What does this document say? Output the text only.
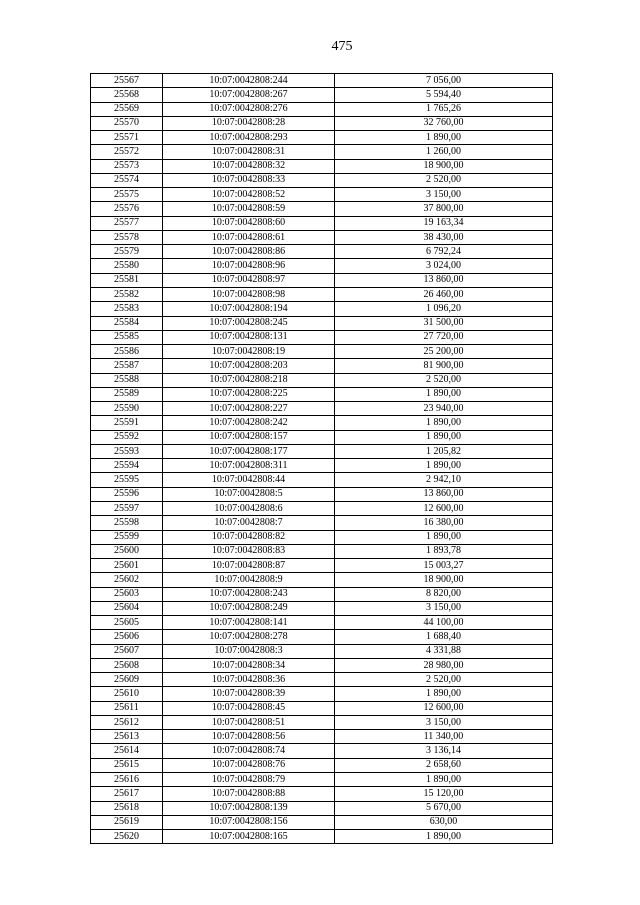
475
25567	10:07:0042808:244	7 056,00
25568	10:07:0042808:267	5 594,40
25569	10:07:0042808:276	1 765,26
25570	10:07:0042808:28	32 760,00
25571	10:07:0042808:293	1 890,00
25572	10:07:0042808:31	1 260,00
25573	10:07:0042808:32	18 900,00
25574	10:07:0042808:33	2 520,00
25575	10:07:0042808:52	3 150,00
25576	10:07:0042808:59	37 800,00
25577	10:07:0042808:60	19 163,34
25578	10:07:0042808:61	38 430,00
25579	10:07:0042808:86	6 792,24
25580	10:07:0042808:96	3 024,00
25581	10:07:0042808:97	13 860,00
25582	10:07:0042808:98	26 460,00
25583	10:07:0042808:194	1 096,20
25584	10:07:0042808:245	31 500,00
25585	10:07:0042808:131	27 720,00
25586	10:07:0042808:19	25 200,00
25587	10:07:0042808:203	81 900,00
25588	10:07:0042808:218	2 520,00
25589	10:07:0042808:225	1 890,00
25590	10:07:0042808:227	23 940,00
25591	10:07:0042808:242	1 890,00
25592	10:07:0042808:157	1 890,00
25593	10:07:0042808:177	1 205,82
25594	10:07:0042808:311	1 890,00
25595	10:07:0042808:44	2 942,10
25596	10:07:0042808:5	13 860,00
25597	10:07:0042808:6	12 600,00
25598	10:07:0042808:7	16 380,00
25599	10:07:0042808:82	1 890,00
25600	10:07:0042808:83	1 893,78
25601	10:07:0042808:87	15 003,27
25602	10:07:0042808:9	18 900,00
25603	10:07:0042808:243	8 820,00
25604	10:07:0042808:249	3 150,00
25605	10:07:0042808:141	44 100,00
25606	10:07:0042808:278	1 688,40
25607	10:07:0042808:3	4 331,88
25608	10:07:0042808:34	28 980,00
25609	10:07:0042808:36	2 520,00
25610	10:07:0042808:39	1 890,00
25611	10:07:0042808:45	12 600,00
25612	10:07:0042808:51	3 150,00
25613	10:07:0042808:56	11 340,00
25614	10:07:0042808:74	3 136,14
25615	10:07:0042808:76	2 658,60
25616	10:07:0042808:79	1 890,00
25617	10:07:0042808:88	15 120,00
25618	10:07:0042808:139	5 670,00
25619	10:07:0042808:156	630,00
25620	10:07:0042808:165	1 890,00
